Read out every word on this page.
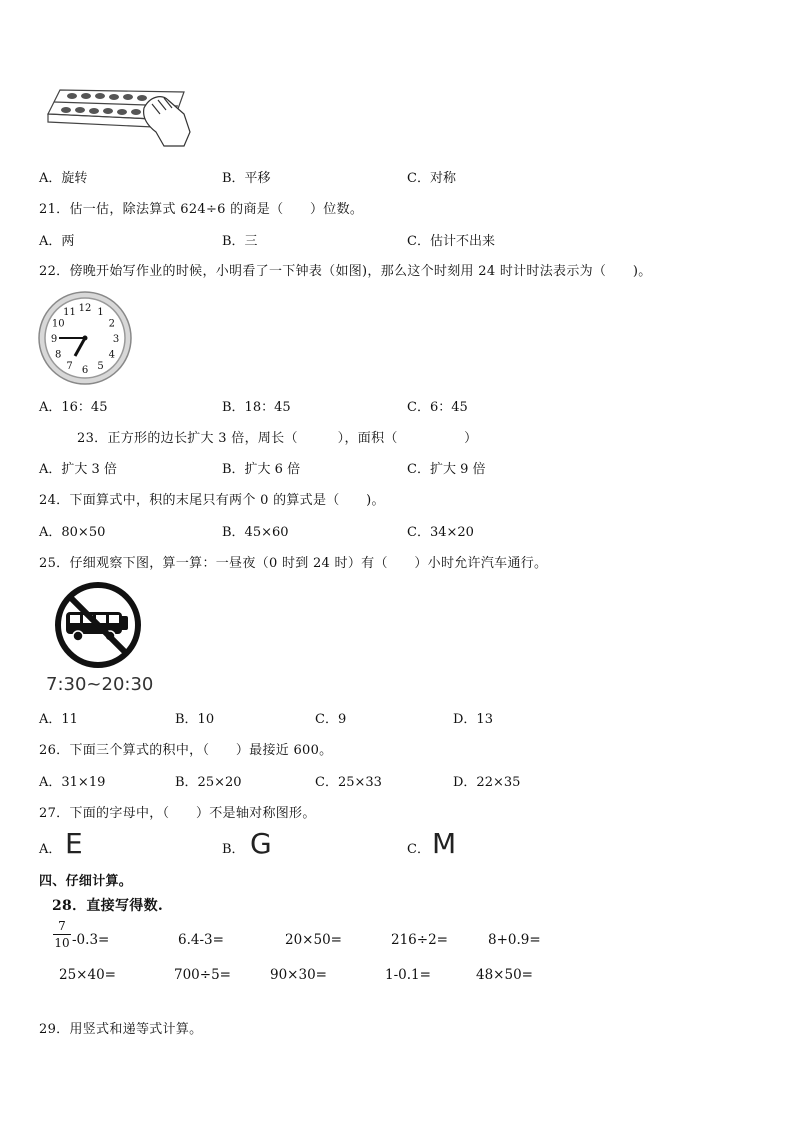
A．旋转	B．平移	C．对称
21．估一估，除法算式 624÷6 的商是（　　）位数。
A．两	B．三	C．估计不出来
22．傍晚开始写作业的时候，小明看了一下钟表（如图)，那么这个时刻用 24 时计时法表示为（　　)。
12 1
2
3
4
5
6
7
8
9
10
11
A．16：45	B．18：45	C．6：45
23．正方形的边长扩大 3 倍，周长（　　　），面积（　　　　　）
A．扩大 3 倍	B．扩大 6 倍	C．扩大 9 倍
24．下面算式中，积的末尾只有两个 0 的算式是（　　)。
A．80×50	B．45×60	C．34×20
25．仔细观察下图，算一算：一昼夜（0 时到 24 时）有（　　）小时允许汽车通行。
7:30~20:30
A．11	B．10	C．9	D．13
26．下面三个算式的积中，（　　）最接近 600。
A．31×19	B．25×20	C．25×33	D．22×35
27．下面的字母中，（　　）不是轴对称图形。
A． E	B． G	C． M
四、仔细计算。
28．直接写得数.
7
10 -0.3=	6.4-3=	20×50=	216÷2=	8+0.9=
25×40=	700÷5=	90×30=	1-0.1=	48×50=
29．用竖式和递等式计算。
